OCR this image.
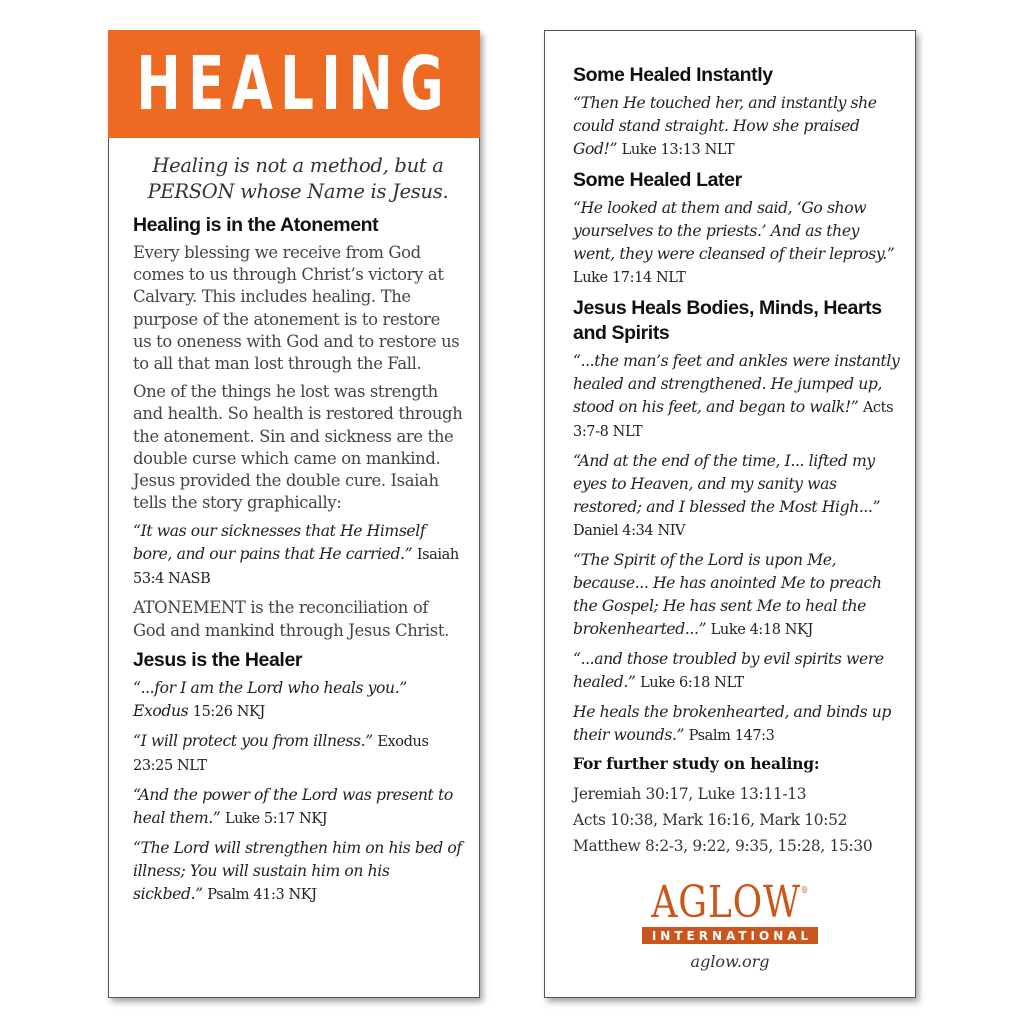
HEALING

Healing is not a method, but a PERSON whose Name is Jesus.

Healing is in the Atonement

Every blessing we receive from God comes to us through Christ’s victory at Calvary. This includes healing. The purpose of the atonement is to restore us to oneness with God and to restore us to all that man lost through the Fall.

One of the things he lost was strength and health. So health is restored through the atonement. Sin and sickness are the double curse which came on mankind. Jesus provided the double cure. Isaiah tells the story graphically:

“It was our sicknesses that He Himself bore, and our pains that He carried.” Isaiah 53:4 NASB

ATONEMENT is the reconciliation of God and mankind through Jesus Christ.

Jesus is the Healer

“...for I am the Lord who heals you.” Exodus 15:26 NKJ

“I will protect you from illness.” Exodus 23:25 NLT

“And the power of the Lord was present to heal them.” Luke 5:17 NKJ

“The Lord will strengthen him on his bed of illness; You will sustain him on his sickbed.” Psalm 41:3 NKJ

Some Healed Instantly

“Then He touched her, and instantly she could stand straight. How she praised God!” Luke 13:13 NLT

Some Healed Later

“He looked at them and said, ‘Go show yourselves to the priests.’ And as they went, they were cleansed of their leprosy.” Luke 17:14 NLT

Jesus Heals Bodies, Minds, Hearts and Spirits

“...the man’s feet and ankles were instantly healed and strengthened. He jumped up, stood on his feet, and began to walk!” Acts 3:7-8 NLT

“And at the end of the time, I... lifted my eyes to Heaven, and my sanity was restored; and I blessed the Most High...” Daniel 4:34 NIV

“The Spirit of the Lord is upon Me, because... He has anointed Me to preach the Gospel; He has sent Me to heal the brokenhearted...” Luke 4:18 NKJ

“...and those troubled by evil spirits were healed.” Luke 6:18 NLT

He heals the brokenhearted, and binds up their wounds.” Psalm 147:3

For further study on healing:

Jeremiah 30:17, Luke 13:11-13

Acts 10:38, Mark 16:16, Mark 10:52

Matthew 8:2-3, 9:22, 9:35, 15:28, 15:30

AGLOW®
INTERNATIONAL
aglow.org
